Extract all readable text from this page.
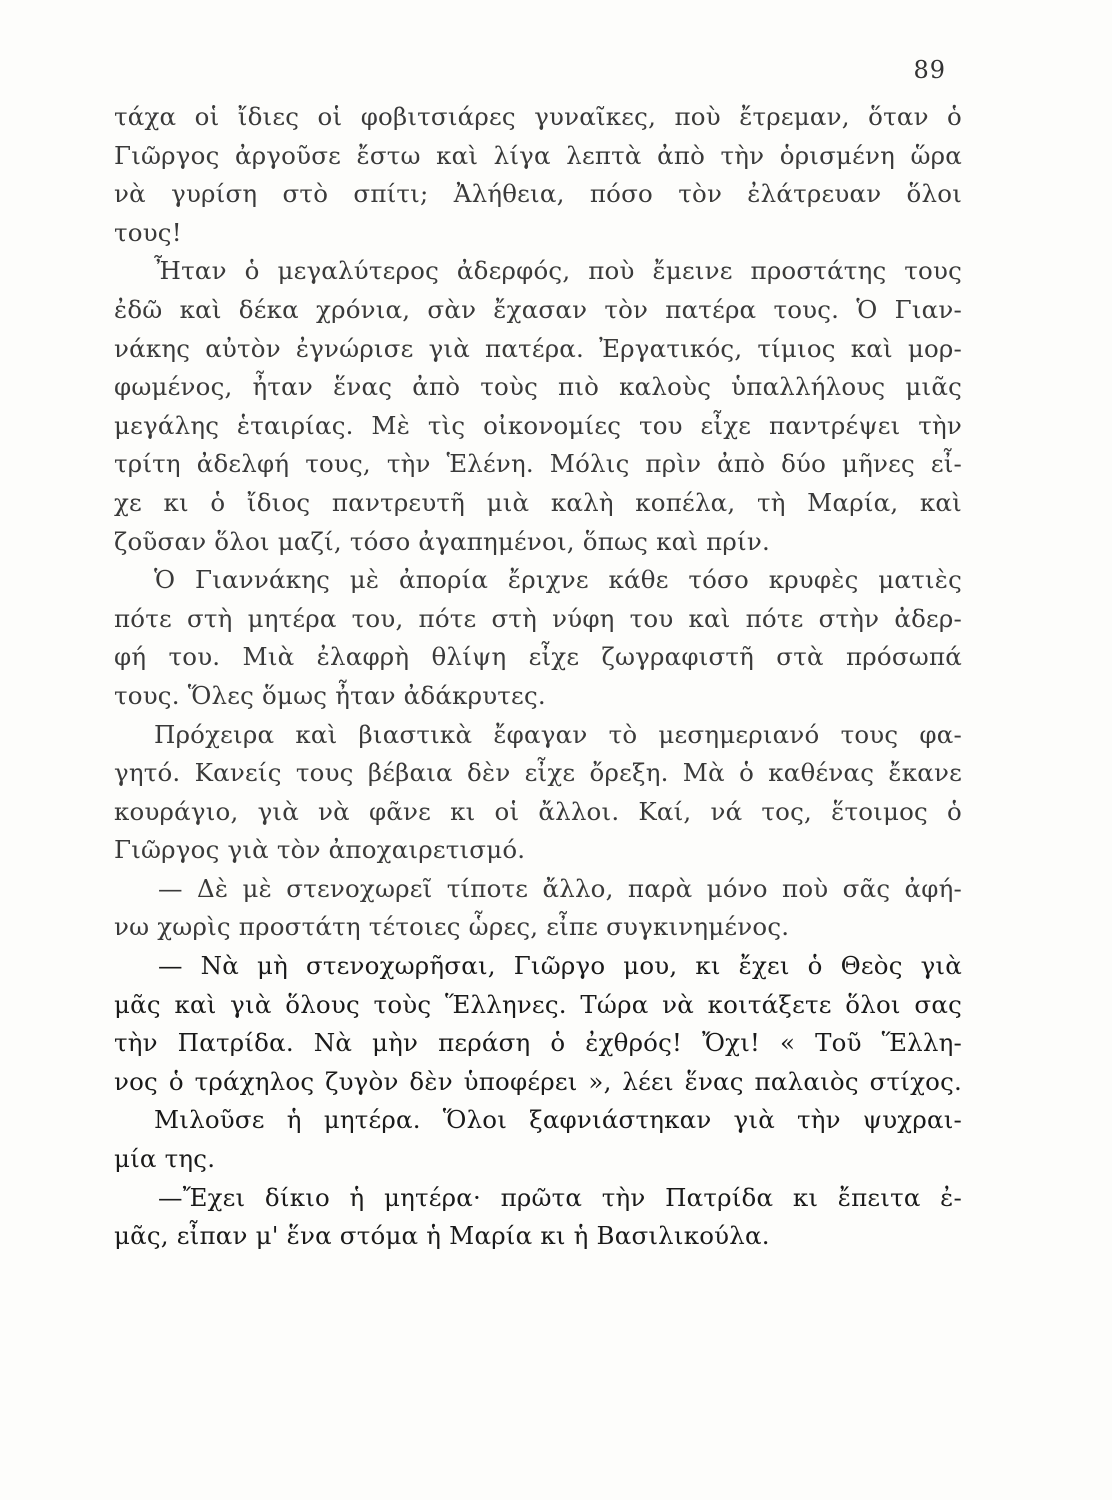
89
τάχα οἱ ἴδιες οἱ φοβιτσιάρες γυναῖκες, ποὺ ἔτρεμαν, ὅταν ὁ
Γιῶργος ἀργοῦσε ἔστω καὶ λίγα λεπτὰ ἀπὸ τὴν ὁρισμένη ὥρα
νὰ γυρίση στὸ σπίτι; Ἀλήθεια, πόσο τὸν ἐλάτρευαν ὅλοι
τους!
Ἦταν ὁ μεγαλύτερος ἀδερφός, ποὺ ἔμεινε προστάτης τους
ἐδῶ καὶ δέκα χρόνια, σὰν ἔχασαν τὸν πατέρα τους. Ὁ Γιαν-
νάκης αὐτὸν ἐγνώρισε γιὰ πατέρα. Ἐργατικός, τίμιος καὶ μορ-
φωμένος, ἦταν ἕνας ἀπὸ τοὺς πιὸ καλοὺς ὑπαλλήλους μιᾶς
μεγάλης ἑταιρίας. Μὲ τὶς οἰκονομίες του εἶχε παντρέψει τὴν
τρίτη ἀδελφή τους, τὴν Ἑλένη. Μόλις πρὶν ἀπὸ δύο μῆνες εἶ-
χε κι ὁ ἴδιος παντρευτῆ μιὰ καλὴ κοπέλα, τὴ Μαρία, καὶ
ζοῦσαν ὅλοι μαζί, τόσο ἀγαπημένοι, ὅπως καὶ πρίν.
Ὁ Γιαννάκης μὲ ἀπορία ἔριχνε κάθε τόσο κρυφὲς ματιὲς
πότε στὴ μητέρα του, πότε στὴ νύφη του καὶ πότε στὴν ἀδερ-
φή του. Μιὰ ἐλαφρὴ θλίψη εἶχε ζωγραφιστῆ στὰ πρόσωπά
τους. Ὅλες ὅμως ἦταν ἀδάκρυτες.
Πρόχειρα καὶ βιαστικὰ ἔφαγαν τὸ μεσημεριανό τους φα-
γητό. Κανείς τους βέβαια δὲν εἶχε ὄρεξη. Μὰ ὁ καθένας ἔκανε
κουράγιο, γιὰ νὰ φᾶνε κι οἱ ἄλλοι. Καί, νά τος, ἕτοιμος ὁ
Γιῶργος γιὰ τὸν ἀποχαιρετισμό.
— Δὲ μὲ στενοχωρεῖ τίποτε ἄλλο, παρὰ μόνο ποὺ σᾶς ἀφή-
νω χωρὶς προστάτη τέτοιες ὧρες, εἶπε συγκινημένος.
— Νὰ μὴ στενοχωρῆσαι, Γιῶργο μου, κι ἔχει ὁ Θεὸς γιὰ
μᾶς καὶ γιὰ ὅλους τοὺς Ἕλληνες. Τώρα νὰ κοιτάξετε ὅλοι σας
τὴν Πατρίδα. Νὰ μὴν περάση ὁ ἐχθρός! Ὄχι! « Τοῦ Ἕλλη-
νος ὁ τράχηλος ζυγὸν δὲν ὑποφέρει », λέει ἕνας παλαιὸς στίχος.
Μιλοῦσε ἡ μητέρα. Ὅλοι ξαφνιάστηκαν γιὰ τὴν ψυχραι-
μία της.
—Ἔχει δίκιο ἡ μητέρα· πρῶτα τὴν Πατρίδα κι ἔπειτα ἐ-
μᾶς, εἶπαν μ' ἕνα στόμα ἡ Μαρία κι ἡ Βασιλικούλα.
